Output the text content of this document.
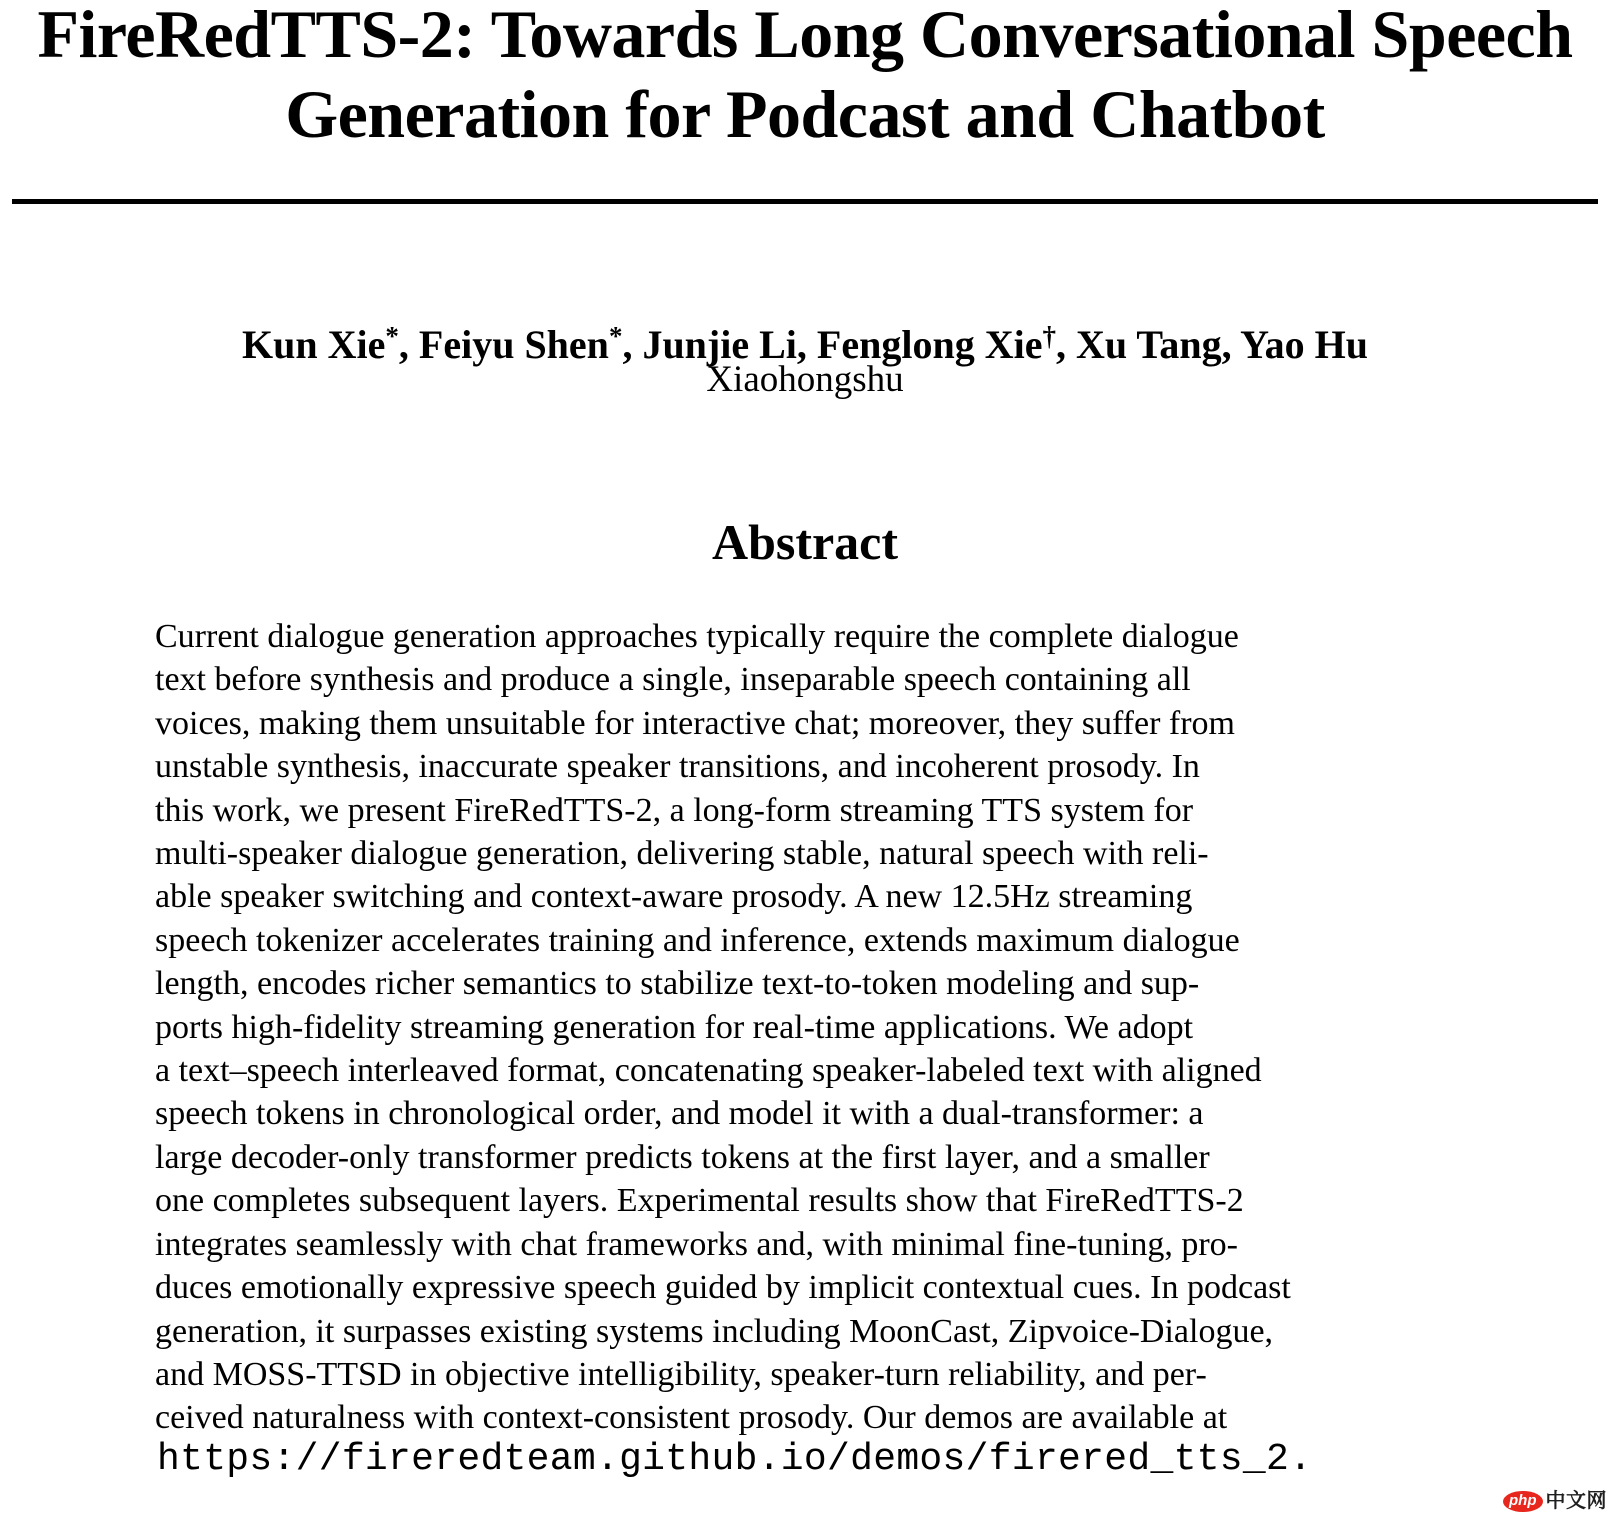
FireRedTTS-2: Towards Long Conversational Speech
Generation for Podcast and Chatbot
Kun Xie*, Feiyu Shen*, Junjie Li, Fenglong Xie†, Xu Tang, Yao Hu
Xiaohongshu
Abstract
Current dialogue generation approaches typically require the complete dialogue
text before synthesis and produce a single, inseparable speech containing all
voices, making them unsuitable for interactive chat; moreover, they suffer from
unstable synthesis, inaccurate speaker transitions, and incoherent prosody. In
this work, we present FireRedTTS-2, a long-form streaming TTS system for
multi-speaker dialogue generation, delivering stable, natural speech with reli-
able speaker switching and context-aware prosody. A new 12.5Hz streaming
speech tokenizer accelerates training and inference, extends maximum dialogue
length, encodes richer semantics to stabilize text-to-token modeling and sup-
ports high-fidelity streaming generation for real-time applications. We adopt
a text–speech interleaved format, concatenating speaker-labeled text with aligned
speech tokens in chronological order, and model it with a dual-transformer: a
large decoder-only transformer predicts tokens at the first layer, and a smaller
one completes subsequent layers. Experimental results show that FireRedTTS-2
integrates seamlessly with chat frameworks and, with minimal fine-tuning, pro-
duces emotionally expressive speech guided by implicit contextual cues. In podcast
generation, it surpasses existing systems including MoonCast, Zipvoice-Dialogue,
and MOSS-TTSD in objective intelligibility, speaker-turn reliability, and per-
ceived naturalness with context-consistent prosody. Our demos are available at
https://fireredteam.github.io/demos/firered_tts_2.
php 中文网
